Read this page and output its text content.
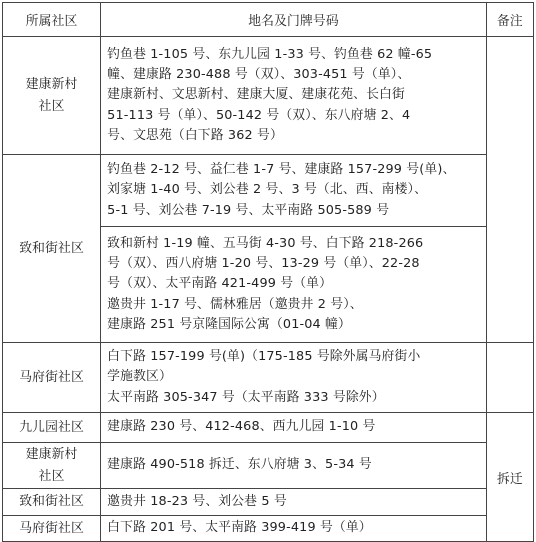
所属社区	地名及门牌号码	备注
建康新村社区	钓鱼巷 1-105 号、东九儿园 1-33 号、钓鱼巷 62 幢-65
幢、建康路 230-488 号（双）、303-451 号（单）、
建康新村、文思新村、建康大厦、建康花苑、长白街
51-113 号（单）、50-142 号（双）、东八府塘 2、4
号、文思苑（白下路 362 号）	

致和街社区	钓鱼巷 2-12 号、益仁巷 1-7 号、建康路 157-299 号(单)、
刘家塘 1-40 号、刘公巷 2 号、3 号（北、西、南楼）、
5-1 号、刘公巷 7-19 号、太平南路 505-589 号	

	致和新村 1-19 幢、五马街 4-30 号、白下路 218-266
号（双）、西八府塘 1-20 号、13-29 号（单）、22-28
号（双）、太平南路 421-499 号（单）
邀贵井 1-17 号、儒林雅居（邀贵井 2 号）、
建康路 251 号京隆国际公寓（01-04 幢）	

马府街社区	白下路 157-199 号(单)（175-185 号除外属马府街小
学施教区）
太平南路 305-347 号（太平南路 333 号除外）	

九儿园社区	建康路 230 号、412-468、西九儿园 1-10 号	拆迁
建康新村社区	建康路 490-518 拆迁、东八府塘 3、5-34 号	

致和街社区	邀贵井 18-23 号、刘公巷 5 号	

马府街社区	白下路 201 号、太平南路 399-419 号（单）	
